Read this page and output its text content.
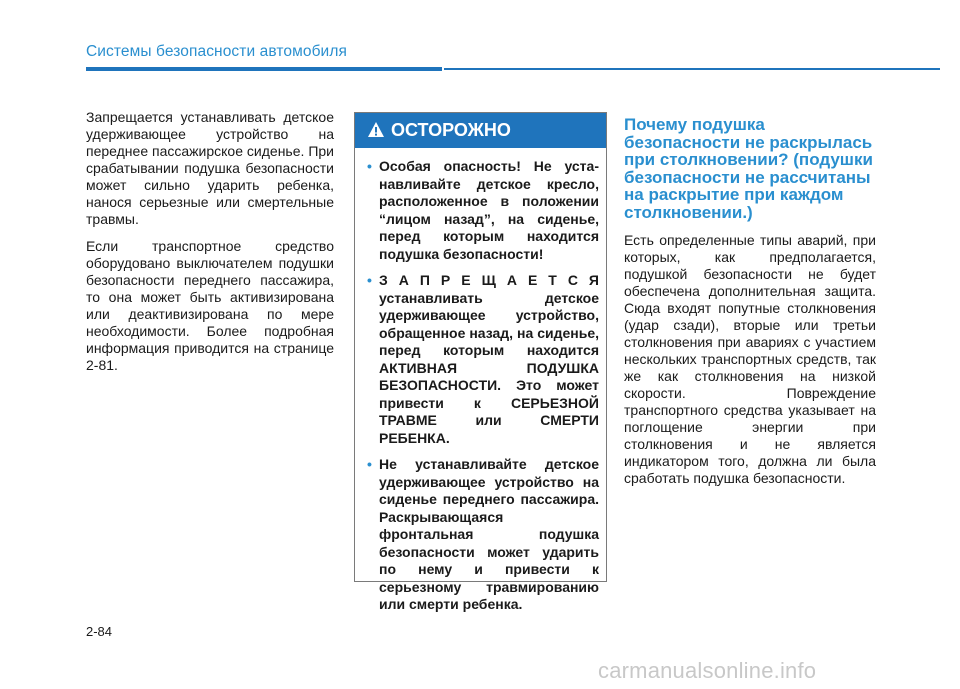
Системы безопасности автомобиля

Запрещается устанавливать детское удерживающее устройство на переднее пассажирское сиденье. При срабатывании подушка безопасности может сильно ударить ребенка, нанося серьезные или смертельные травмы.

Если транспортное средство оборудовано выключателем подушки безопасности переднего пассажира, то она может быть активизирована или деактивизирована по мере необходимости. Более подробная информация приводится на странице 2-81.

ОСТОРОЖНО
• Особая опасность! Не устанавливайте детское кресло, расположенное в положении “лицом назад”, на сиденье, перед которым находится подушка безопасности!
• З А П Р Е Щ А Е Т С Я устанавливать детское удерживающее устройство, обращенное назад, на сиденье, перед которым находится АКТИВНАЯ ПОДУШКА БЕЗОПАСНОСТИ. Это может привести к СЕРЬЕЗНОЙ ТРАВМЕ или СМЕРТИ РЕБЕНКА.
• Не устанавливайте детское удерживающее устройство на сиденье переднего пассажира. Раскрывающаяся фронтальная подушка безопасности может ударить по нему и привести к серьезному травмированию или смерти ребенка.
Почему подушка безопасности не раскрылась при столкновении? (подушки безопасности не рассчитаны на раскрытие при каждом столкновении.)

Есть определенные типы аварий, при которых, как предполагается, подушкой безопасности не будет обеспечена дополнительная защита. Сюда входят попутные столкновения (удар сзади), вторые или третьи столкновения при авариях с участием нескольких транспортных средств, так же как столкновения на низкой скорости. Повреждение транспортного средства указывает на поглощение энергии при столкновения и не является индикатором того, должна ли была сработать подушка безопасности.

2-84
carmanualsonline.info
